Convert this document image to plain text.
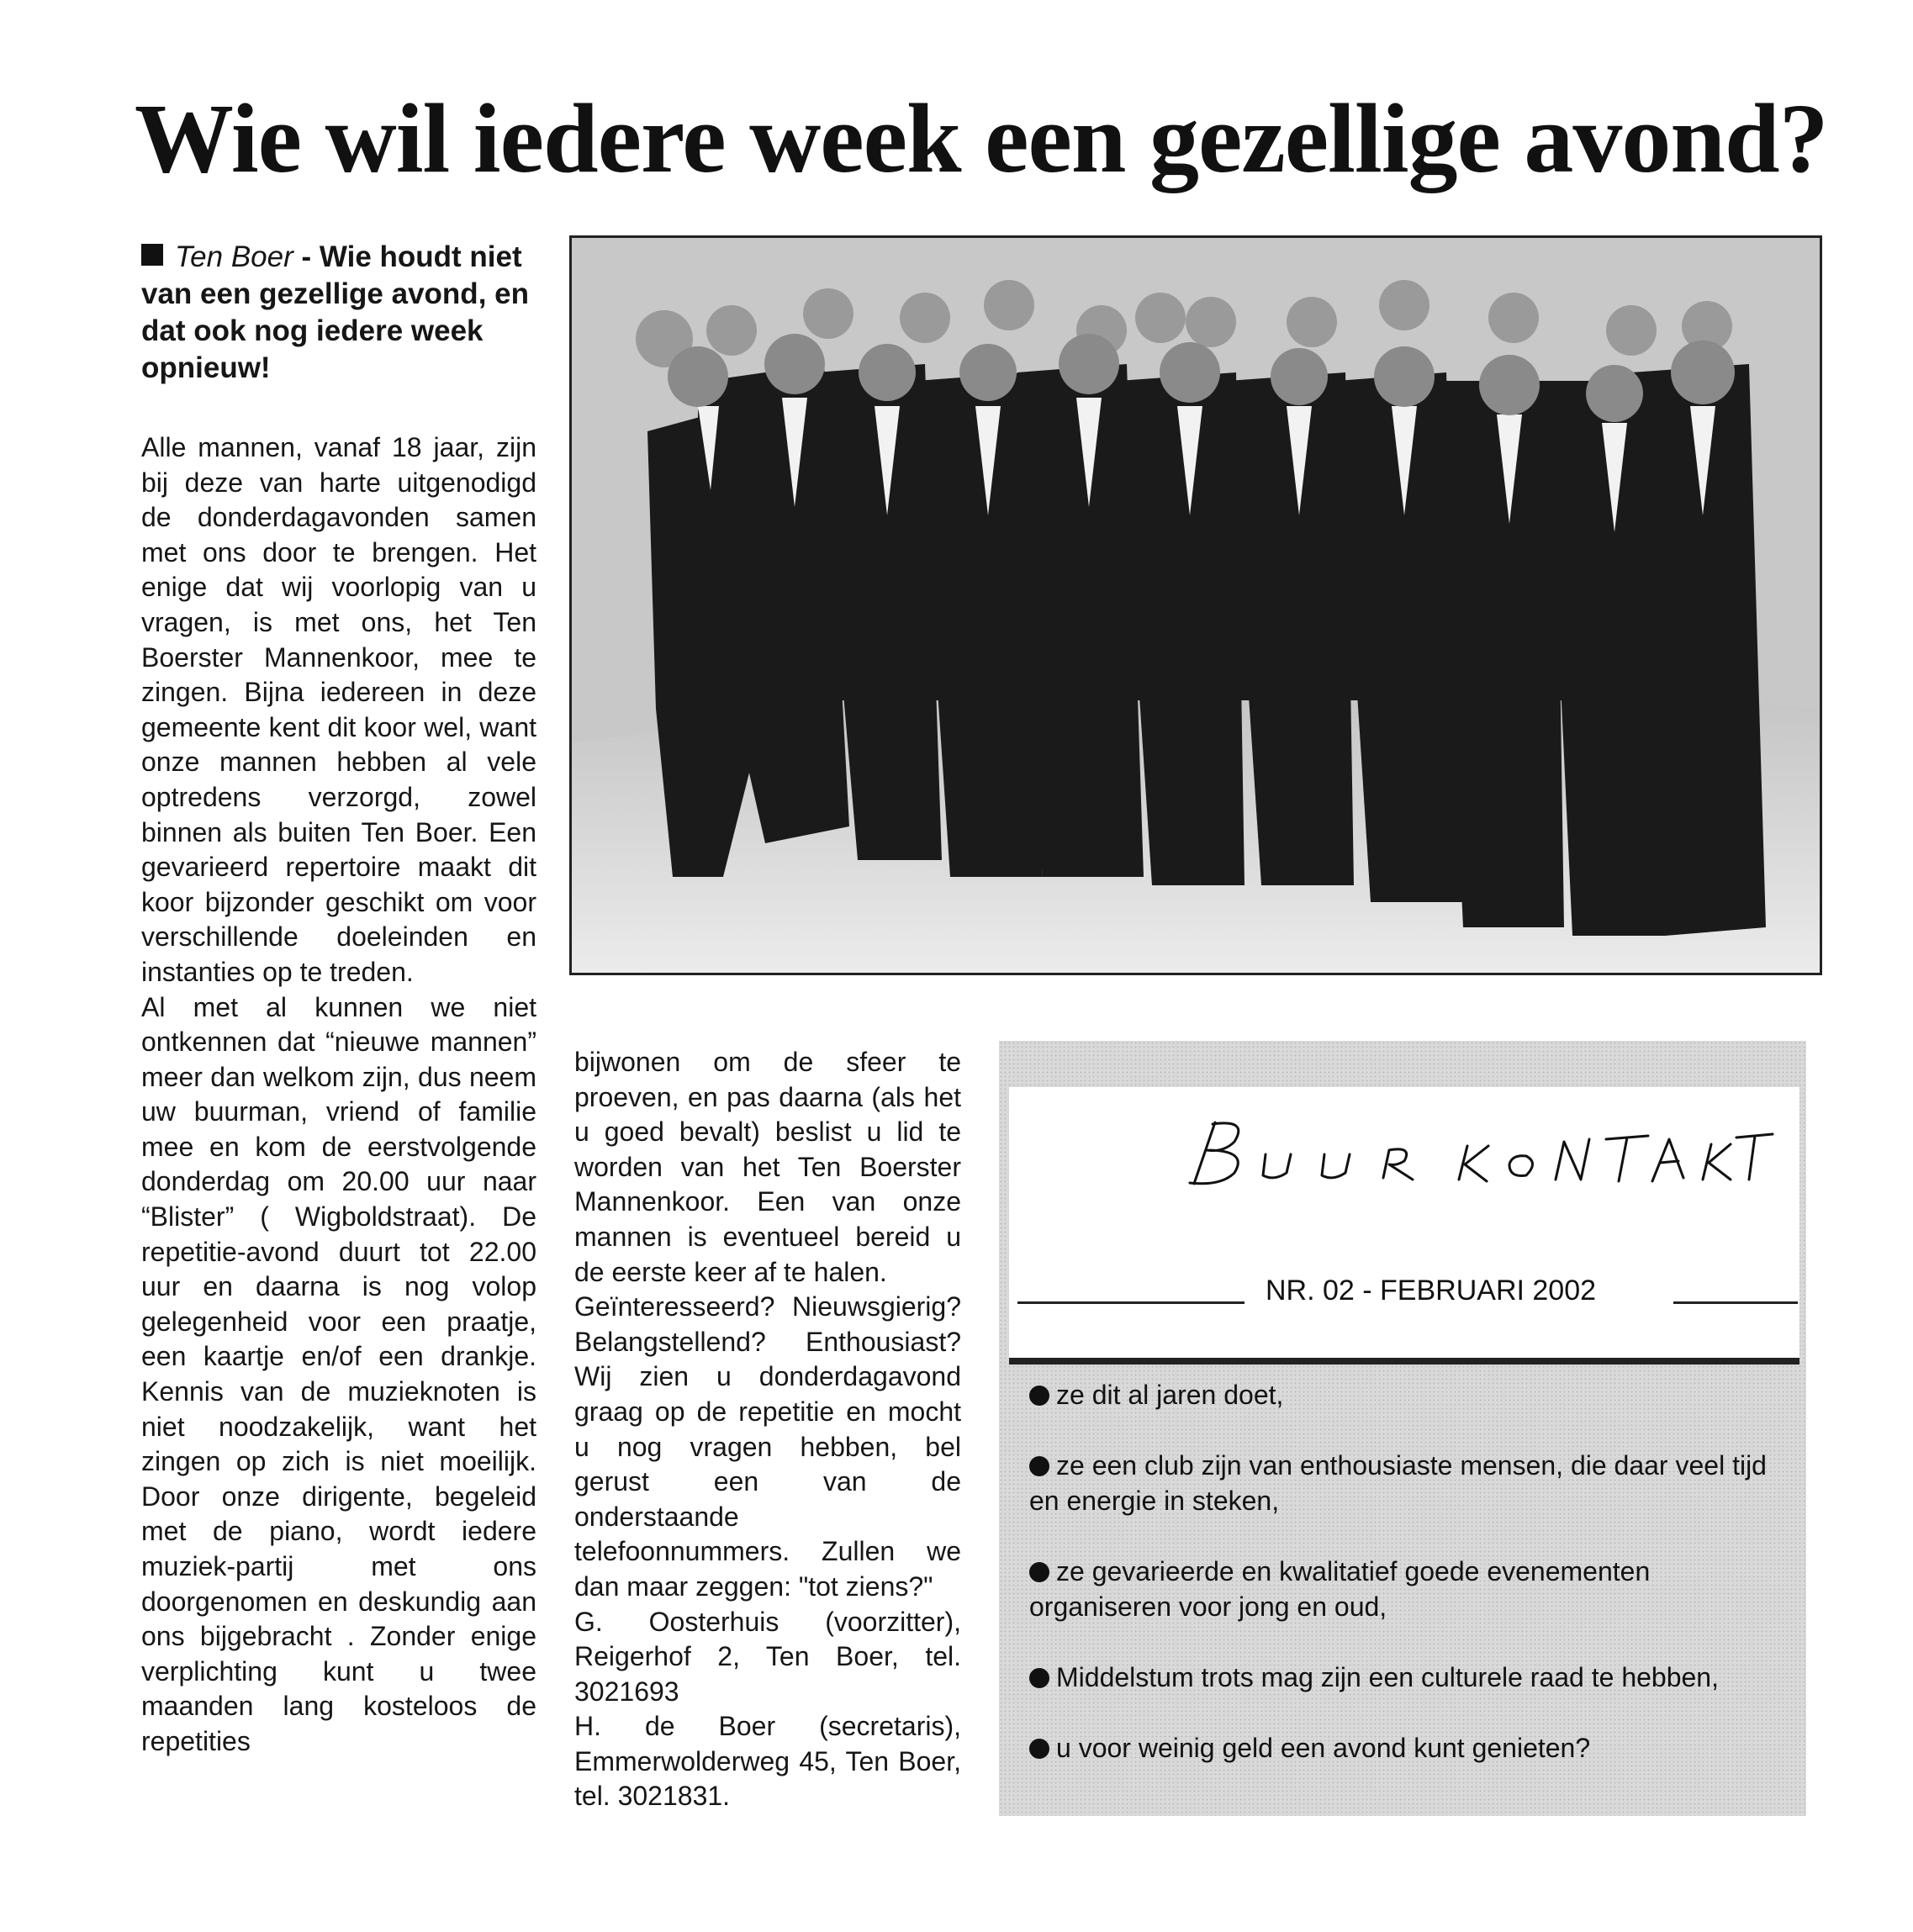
Wie wil iedere week een gezellige avond?

Ten Boer - Wie houdt niet van een gezellige avond, en dat ook nog iedere week opnieuw!

Alle mannen, vanaf 18 jaar, zijn bij deze van harte uitgenodigd de donderdagavonden samen met ons door te brengen. Het enige dat wij voorlopig van u vragen, is met ons, het Ten Boerster Mannenkoor, mee te zingen. Bijna iedereen in deze gemeente kent dit koor wel, want onze mannen hebben al vele optredens verzorgd, zowel binnen als buiten Ten Boer. Een gevarieerd repertoire maakt dit koor bijzonder geschikt om voor verschillende doeleinden en instanties op te treden.

Al met al kunnen we niet ontkennen dat “nieuwe mannen” meer dan welkom zijn, dus neem uw buurman, vriend of familie mee en kom de eerstvolgende donderdag om 20.00 uur naar “Blister” ( Wigboldstraat). De repetitie-avond duurt tot 22.00 uur en daarna is nog volop gelegenheid voor een praatje, een kaartje en/of een drankje. Kennis van de muzieknoten is niet noodzakelijk, want het zingen op zich is niet moeilijk. Door onze dirigente, begeleid met de piano, wordt iedere muziek-partij met ons doorgenomen en deskundig aan ons bijgebracht . Zonder enige verplichting kunt u twee maanden lang kosteloos de repetities

bijwonen om de sfeer te proeven, en pas daarna (als het u goed bevalt) beslist u lid te worden van het Ten Boerster Mannenkoor. Een van onze mannen is eventueel bereid u de eerste keer af te halen.

Geïnteresseerd? Nieuwsgierig? Belangstellend? Enthousiast? Wij zien u donderdagavond graag op de repetitie en mocht u nog vragen hebben, bel gerust een van de onderstaande telefoonnummers. Zullen we dan maar zeggen: "tot ziens?"

G. Oosterhuis (voorzitter), Reigerhof 2, Ten Boer, tel. 3021693

H. de Boer (secretaris), Emmerwolderweg 45, Ten Boer, tel. 3021831.

NR. 02 - FEBRUARI 2002
ze dit al jaren doet,
ze een club zijn van enthousiaste mensen, die daar veel tijd en energie in steken,
ze gevarieerde en kwalitatief goede evenementen organiseren voor jong en oud,
Middelstum trots mag zijn een culturele raad te hebben,
u voor weinig geld een avond kunt genieten?
